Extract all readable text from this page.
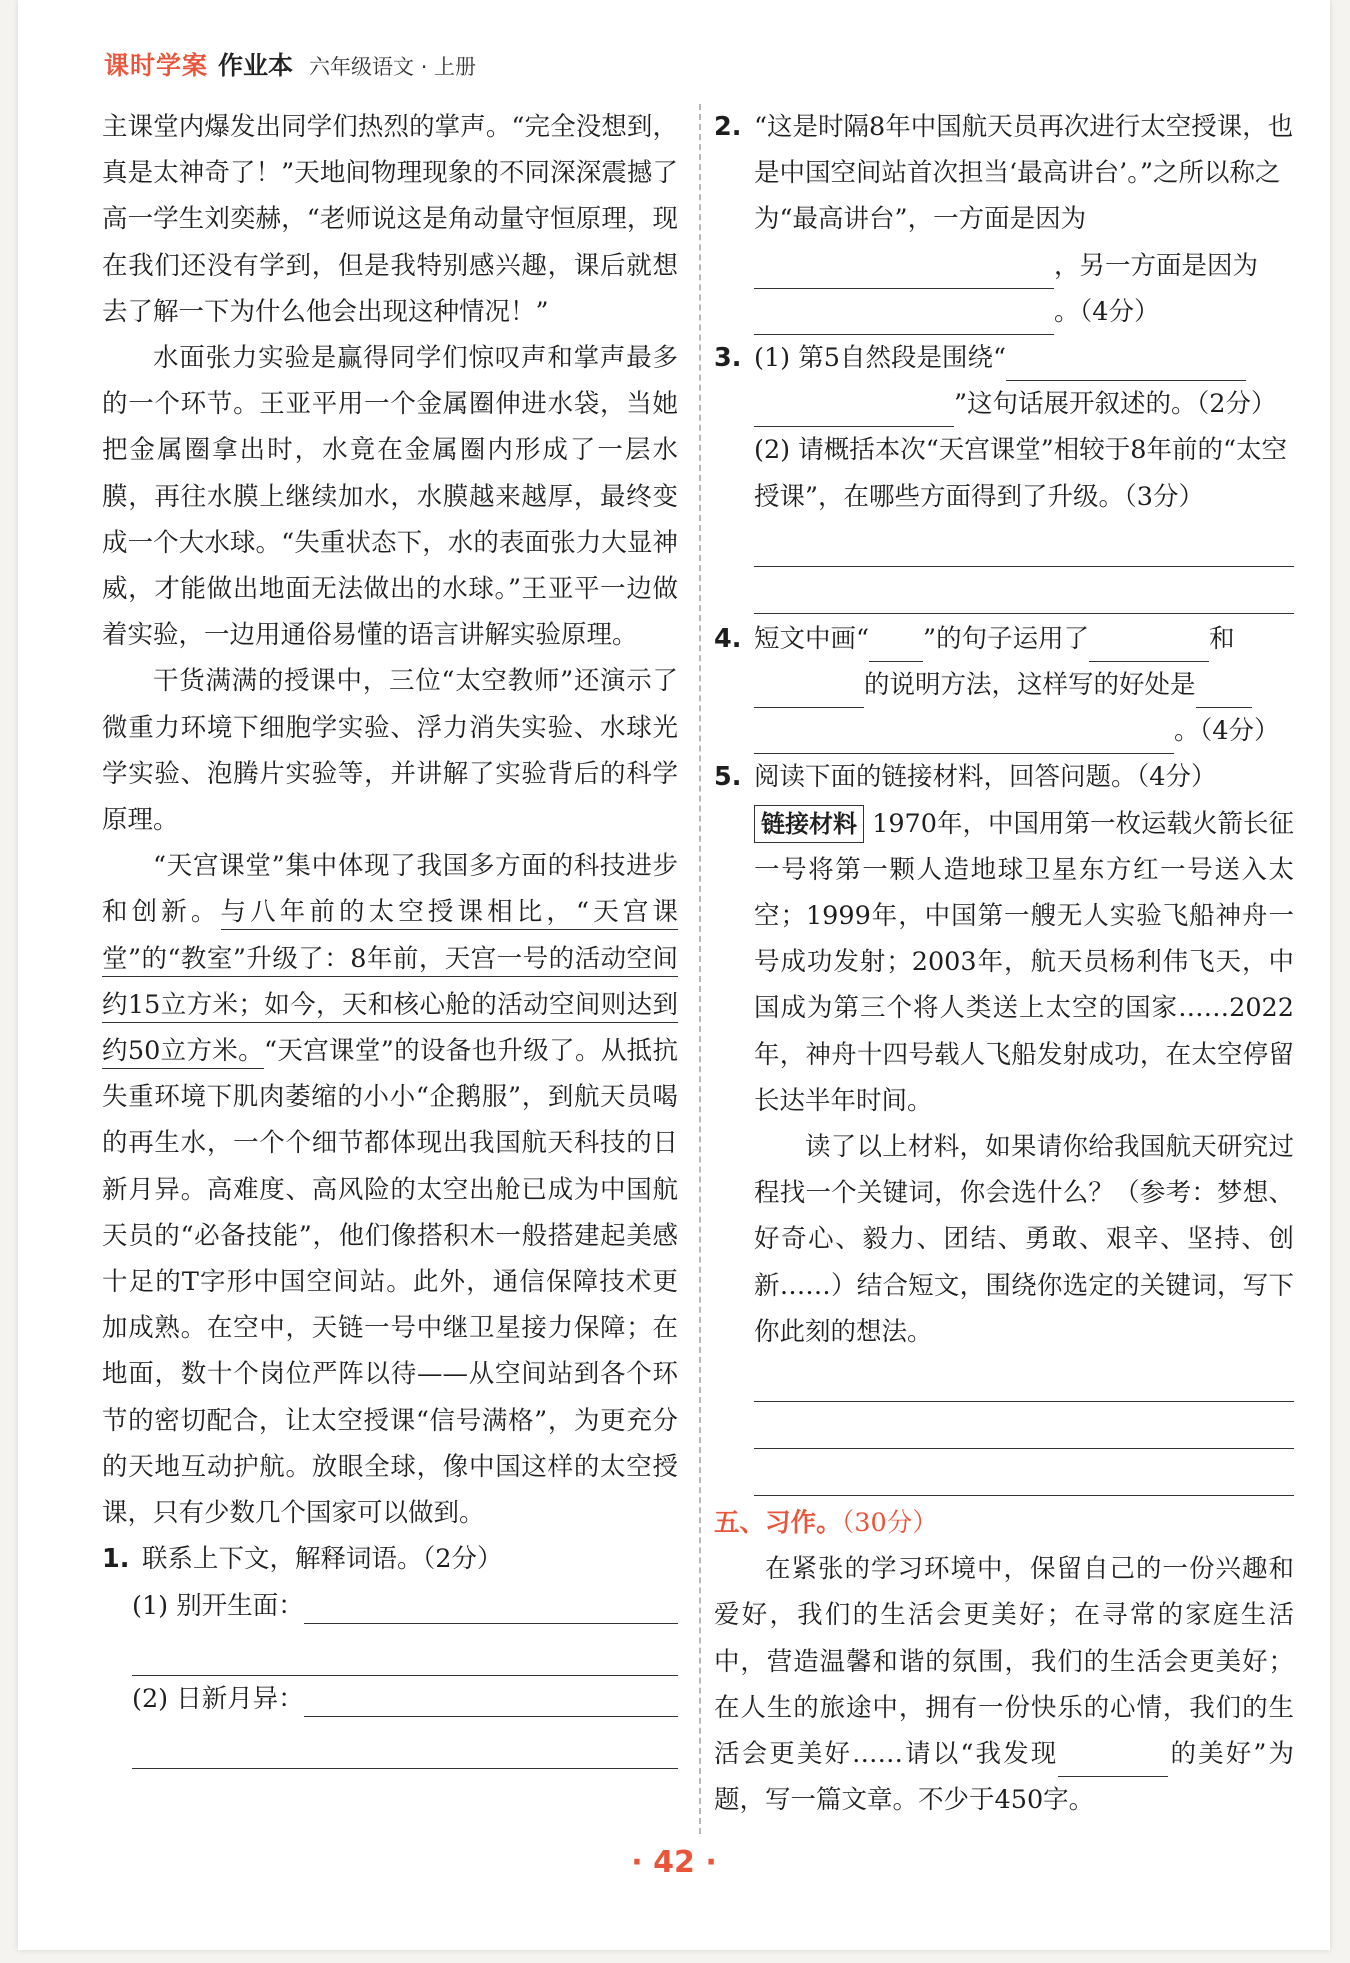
课时学案 作业本 六年级语文 · 上册

主课堂内爆发出同学们热烈的掌声。“完全没想到，真是太神奇了！”天地间物理现象的不同深深震撼了高一学生刘奕赫，“老师说这是角动量守恒原理，现在我们还没有学到，但是我特别感兴趣，课后就想去了解一下为什么他会出现这种情况！”

水面张力实验是赢得同学们惊叹声和掌声最多的一个环节。王亚平用一个金属圈伸进水袋，当她把金属圈拿出时，水竟在金属圈内形成了一层水膜，再往水膜上继续加水，水膜越来越厚，最终变成一个大水球。“失重状态下，水的表面张力大显神威，才能做出地面无法做出的水球。”王亚平一边做着实验，一边用通俗易懂的语言讲解实验原理。

干货满满的授课中，三位“太空教师”还演示了微重力环境下细胞学实验、浮力消失实验、水球光学实验、泡腾片实验等，并讲解了实验背后的科学原理。

“天宫课堂”集中体现了我国多方面的科技进步和创新。与八年前的太空授课相比，“天宫课堂”的“教室”升级了：8年前，天宫一号的活动空间约15立方米；如今，天和核心舱的活动空间则达到约50立方米。“天宫课堂”的设备也升级了。从抵抗失重环境下肌肉萎缩的小小“企鹅服”，到航天员喝的再生水，一个个细节都体现出我国航天科技的日新月异。高难度、高风险的太空出舱已成为中国航天员的“必备技能”，他们像搭积木一般搭建起美感十足的T字形中国空间站。此外，通信保障技术更加成熟。在空中，天链一号中继卫星接力保障；在地面，数十个岗位严阵以待——从空间站到各个环节的密切配合，让太空授课“信号满格”，为更充分的天地互动护航。放眼全球，像中国这样的太空授课，只有少数几个国家可以做到。

1. 联系上下文，解释词语。（2分）

(1) 别开生面：

(2) 日新月异：

2. “这是时隔8年中国航天员再次进行太空授课，也是中国空间站首次担当‘最高讲台’。”之所以称之为“最高讲台”，一方面是因为，另一方面是因为。（4分）

3. (1) 第5自然段是围绕“”这句话展开叙述的。（2分）

(2) 请概括本次“天宫课堂”相较于8年前的“太空授课”，在哪些方面得到了升级。（3分）

4. 短文中画“ ”的句子运用了	和的说明方法，这样写的好处是。（4分）

5. 阅读下面的链接材料，回答问题。（4分）

链接材料 1970年，中国用第一枚运载火箭长征一号将第一颗人造地球卫星东方红一号送入太空；1999年，中国第一艘无人实验飞船神舟一号成功发射；2003年，航天员杨利伟飞天，中国成为第三个将人类送上太空的国家……2022年，神舟十四号载人飞船发射成功，在太空停留长达半年时间。

读了以上材料，如果请你给我国航天研究过程找一个关键词，你会选什么？（参考：梦想、好奇心、毅力、团结、勇敢、艰辛、坚持、创新……）结合短文，围绕你选定的关键词，写下你此刻的想法。

五、习作。（30分）

在紧张的学习环境中，保留自己的一份兴趣和爱好，我们的生活会更美好；在寻常的家庭生活中，营造温馨和谐的氛围，我们的生活会更美好；在人生的旅途中，拥有一份快乐的心情，我们的生活会更美好……请以“我发现	的美好”为题，写一篇文章。不少于450字。

· 42 ·
